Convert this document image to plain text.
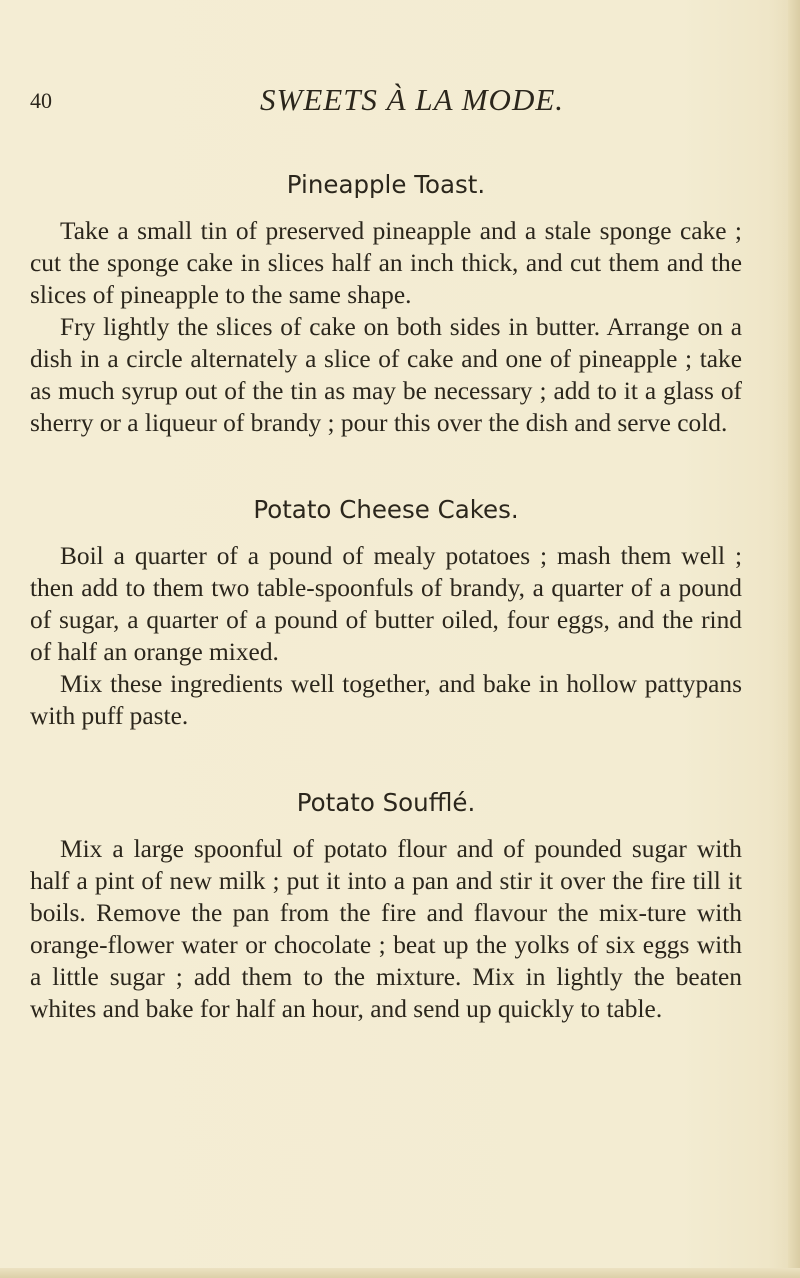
40	SWEETS À LA MODE.
Pineapple Toast.

Take a small tin of preserved pineapple and a stale sponge cake ; cut the sponge cake in slices half an inch thick, and cut them and the slices of pineapple to the same shape.

Fry lightly the slices of cake on both sides in butter. Arrange on a dish in a circle alternately a slice of cake and one of pineapple ; take as much syrup out of the tin as may be necessary ; add to it a glass of sherry or a liqueur of brandy ; pour this over the dish and serve cold.

Potato Cheese Cakes.

Boil a quarter of a pound of mealy potatoes ; mash them well ; then add to them two table-spoonfuls of brandy, a quarter of a pound of sugar, a quarter of a pound of butter oiled, four eggs, and the rind of half an orange mixed.

Mix these ingredients well together, and bake in hollow pattypans with puff paste.

Potato Soufflé.

Mix a large spoonful of potato flour and of pounded sugar with half a pint of new milk ; put it into a pan and stir it over the fire till it boils. Remove the pan from the fire and flavour the mix-ture with orange-flower water or chocolate ; beat up the yolks of six eggs with a little sugar ; add them to the mixture. Mix in lightly the beaten whites and bake for half an hour, and send up quickly to table.
